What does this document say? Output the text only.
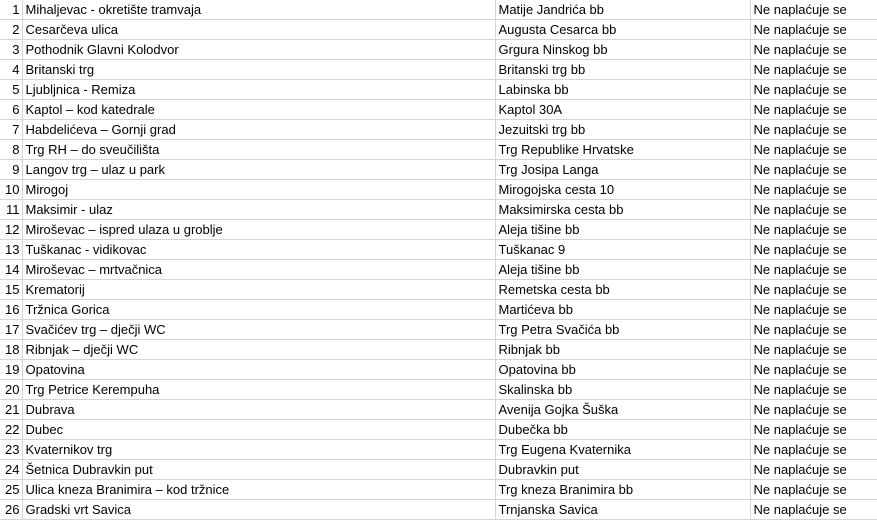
1	Mihaljevac - okretište tramvaja	Matije Jandrića bb	Ne naplaćuje se
2	Cesarčeva ulica	Augusta Cesarca bb	Ne naplaćuje se
3	Pothodnik Glavni Kolodvor	Grgura Ninskog bb	Ne naplaćuje se
4	Britanski trg	Britanski trg bb	Ne naplaćuje se
5	Ljubljnica - Remiza	Labinska bb	Ne naplaćuje se
6	Kaptol – kod katedrale	Kaptol 30A	Ne naplaćuje se
7	Habdelićeva – Gornji grad	Jezuitski trg bb	Ne naplaćuje se
8	Trg RH – do sveučilišta	Trg Republike Hrvatske	Ne naplaćuje se
9	Langov trg – ulaz u park	Trg Josipa Langa	Ne naplaćuje se
10	Mirogoj	Mirogojska cesta 10	Ne naplaćuje se
11	Maksimir - ulaz	Maksimirska cesta bb	Ne naplaćuje se
12	Miroševac – ispred ulaza u groblje	Aleja tišine bb	Ne naplaćuje se
13	Tuškanac - vidikovac	Tuškanac 9	Ne naplaćuje se
14	Miroševac – mrtvačnica	Aleja tišine bb	Ne naplaćuje se
15	Krematorij	Remetska cesta bb	Ne naplaćuje se
16	Tržnica Gorica	Martićeva bb	Ne naplaćuje se
17	Svačićev trg – dječji WC	Trg Petra Svačića bb	Ne naplaćuje se
18	Ribnjak – dječji WC	Ribnjak bb	Ne naplaćuje se
19	Opatovina	Opatovina bb	Ne naplaćuje se
20	Trg Petrice Kerempuha	Skalinska bb	Ne naplaćuje se
21	Dubrava	Avenija Gojka Šuška	Ne naplaćuje se
22	Dubec	Dubečka bb	Ne naplaćuje se
23	Kvaternikov trg	Trg Eugena Kvaternika	Ne naplaćuje se
24	Šetnica Dubravkin put	Dubravkin put	Ne naplaćuje se
25	Ulica kneza Branimira – kod tržnice	Trg kneza Branimira bb	Ne naplaćuje se
26	Gradski vrt Savica	Trnjanska Savica	Ne naplaćuje se
